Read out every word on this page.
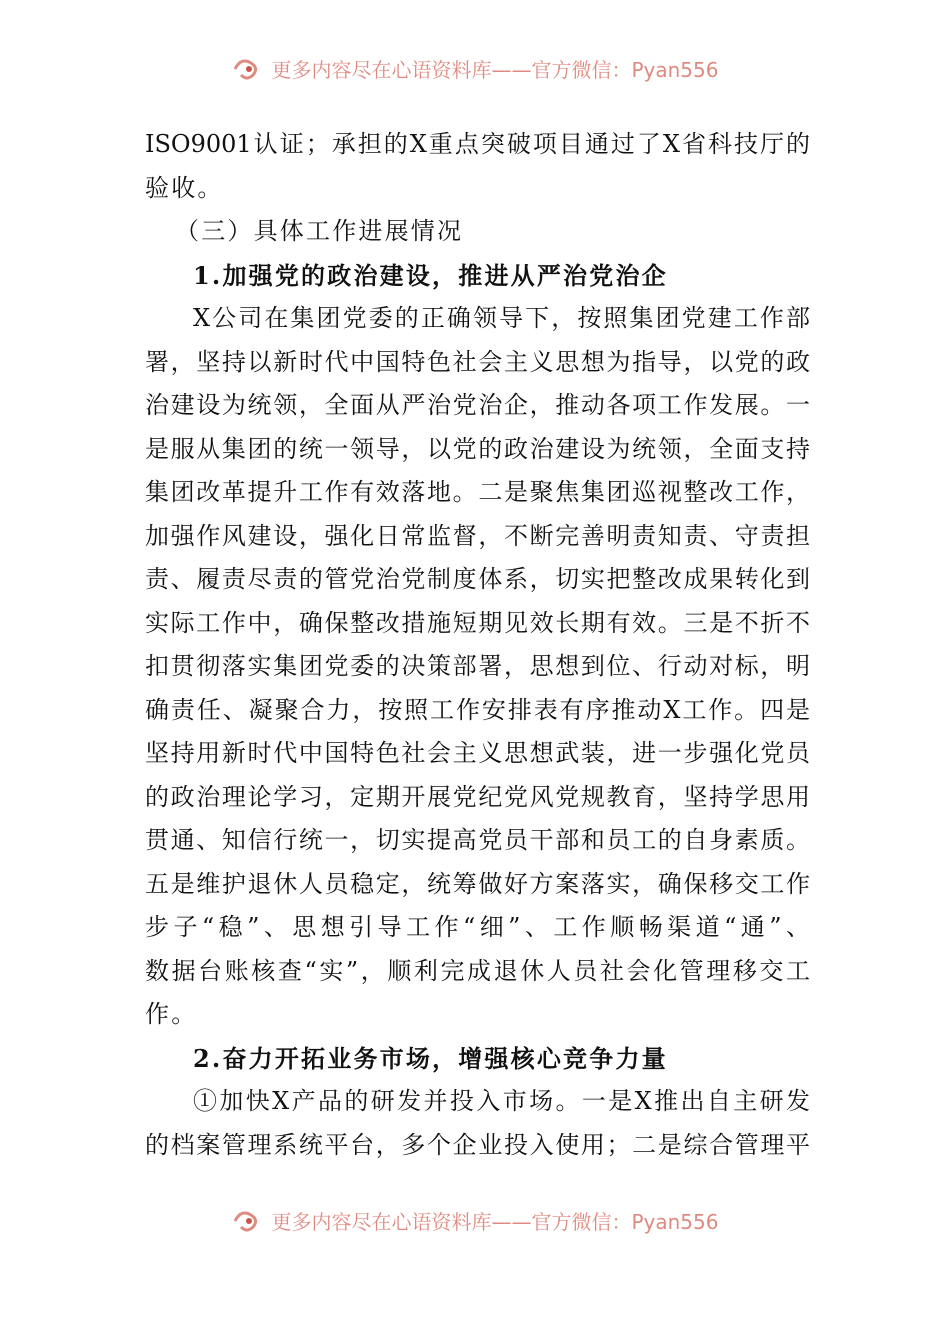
更多内容尽在心语资料库——官方微信：Pyan556
ISO9001认证；承担的X重点突破项目通过了X省科技厅的
验收。
（三）具体工作进展情况
1.加强党的政治建设，推进从严治党治企
X公司在集团党委的正确领导下，按照集团党建工作部
署，坚持以新时代中国特色社会主义思想为指导，以党的政
治建设为统领，全面从严治党治企，推动各项工作发展。一
是服从集团的统一领导，以党的政治建设为统领，全面支持
集团改革提升工作有效落地。二是聚焦集团巡视整改工作，
加强作风建设，强化日常监督，不断完善明责知责、守责担
责、履责尽责的管党治党制度体系，切实把整改成果转化到
实际工作中，确保整改措施短期见效长期有效。三是不折不
扣贯彻落实集团党委的决策部署，思想到位、行动对标，明
确责任、凝聚合力，按照工作安排表有序推动X工作。四是
坚持用新时代中国特色社会主义思想武装，进一步强化党员
的政治理论学习，定期开展党纪党风党规教育，坚持学思用
贯通、知信行统一，切实提高党员干部和员工的自身素质。
五是维护退休人员稳定，统筹做好方案落实，确保移交工作
步子“稳”、思想引导工作“细”、工作顺畅渠道“通”、
数据台账核查“实”，顺利完成退休人员社会化管理移交工
作。
2.奋力开拓业务市场，增强核心竞争力量
①加快X产品的研发并投入市场。一是X推出自主研发
的档案管理系统平台，多个企业投入使用；二是综合管理平
更多内容尽在心语资料库——官方微信：Pyan556
